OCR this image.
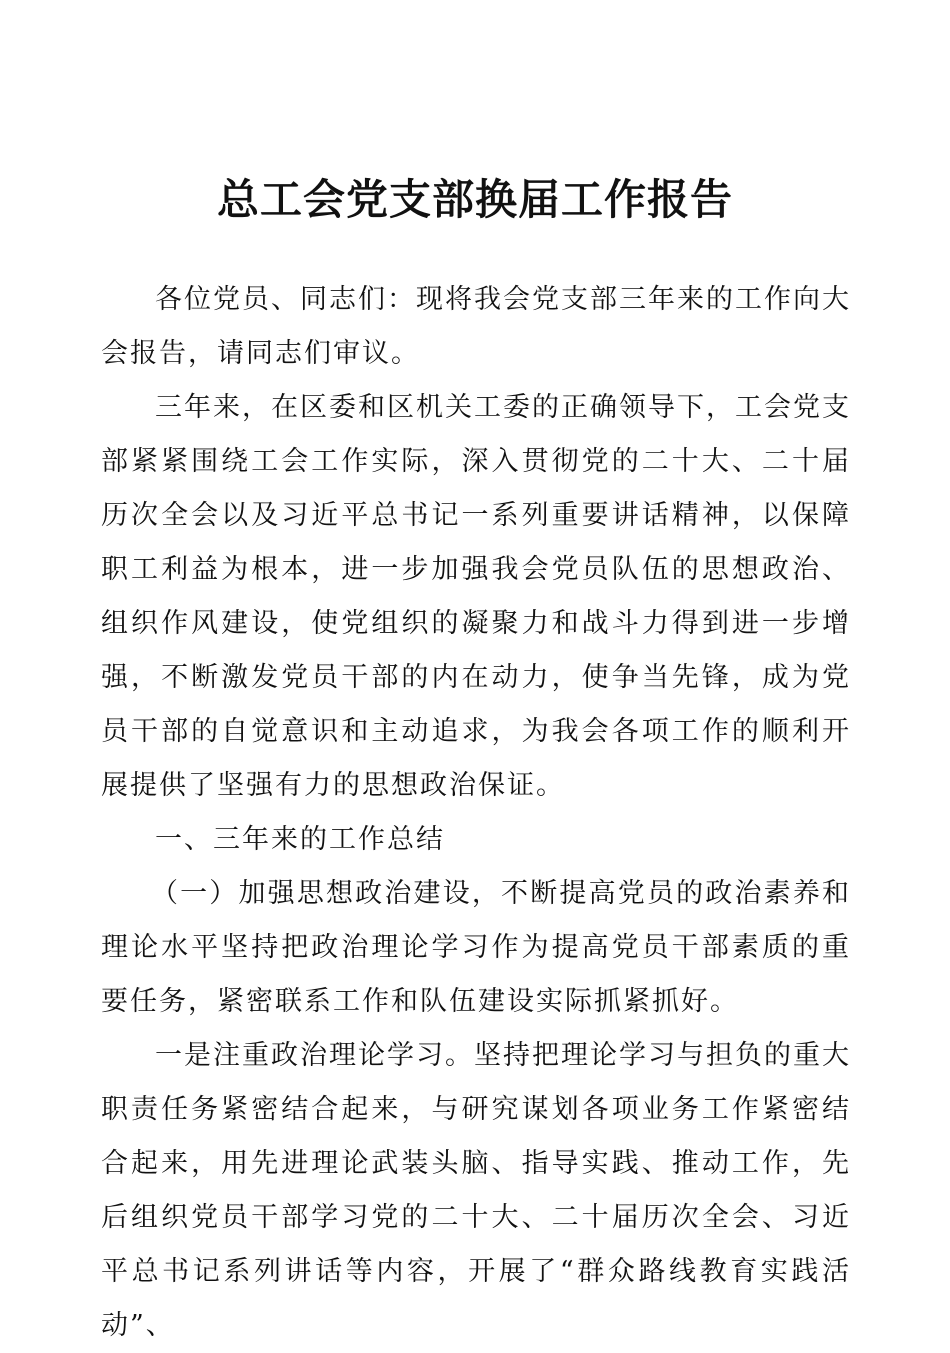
总工会党支部换届工作报告

各位党员、同志们：现将我会党支部三年来的工作向大会报告，请同志们审议。

三年来，在区委和区机关工委的正确领导下，工会党支部紧紧围绕工会工作实际，深入贯彻党的二十大、二十届历次全会以及习近平总书记一系列重要讲话精神，以保障职工利益为根本，进一步加强我会党员队伍的思想政治、组织作风建设，使党组织的凝聚力和战斗力得到进一步增强，不断激发党员干部的内在动力，使争当先锋，成为党员干部的自觉意识和主动追求，为我会各项工作的顺利开展提供了坚强有力的思想政治保证。

一、三年来的工作总结

（一）加强思想政治建设，不断提高党员的政治素养和理论水平坚持把政治理论学习作为提高党员干部素质的重要任务，紧密联系工作和队伍建设实际抓紧抓好。

一是注重政治理论学习。坚持把理论学习与担负的重大职责任务紧密结合起来，与研究谋划各项业务工作紧密结合起来，用先进理论武装头脑、指导实践、推动工作，先后组织党员干部学习党的二十大、二十届历次全会、习近平总书记系列讲话等内容，开展了“群众路线教育实践活动”、
